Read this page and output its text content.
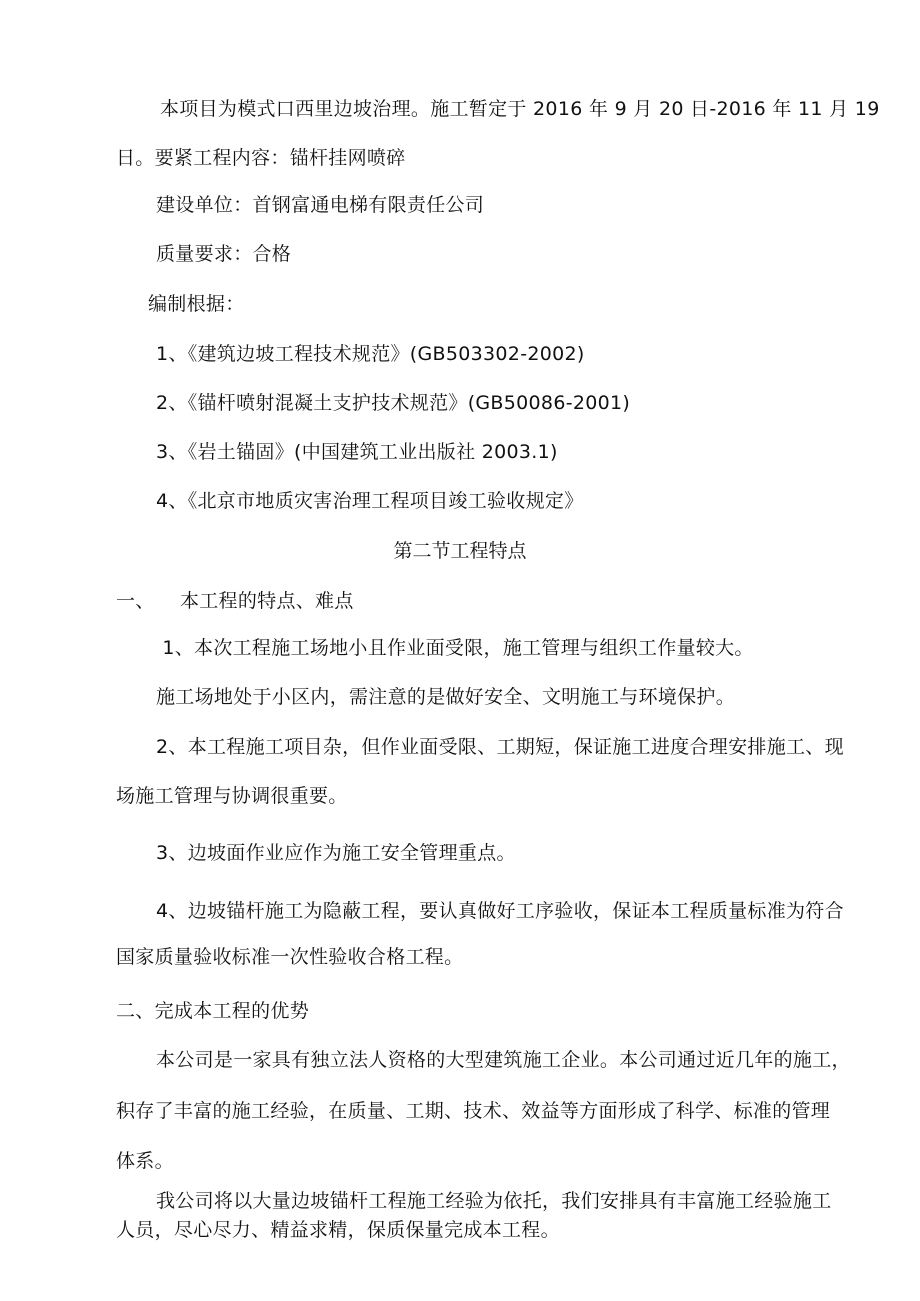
本项目为模式口西里边坡治理。施工暂定于 2016 年 9 月 20 日-2016 年 11 月 19
日。要紧工程内容：锚杆挂网喷碎
建设单位：首钢富通电梯有限责任公司
质量要求：合格
编制根据：
1、《建筑边坡工程技术规范》(GB503302-2002)
2、《锚杆喷射混凝土支护技术规范》(GB50086-2001)
3、《岩土锚固》(中国建筑工业出版社 2003.1)
4、《北京市地质灾害治理工程项目竣工验收规定》
第二节工程特点
一、    本工程的特点、难点
1、本次工程施工场地小且作业面受限，施工管理与组织工作量较大。
施工场地处于小区内，需注意的是做好安全、文明施工与环境保护。
2、本工程施工项目杂，但作业面受限、工期短，保证施工进度合理安排施工、现
场施工管理与协调很重要。
3、边坡面作业应作为施工安全管理重点。
4、边坡锚杆施工为隐蔽工程，要认真做好工序验收，保证本工程质量标准为符合
国家质量验收标准一次性验收合格工程。
二、完成本工程的优势
本公司是一家具有独立法人资格的大型建筑施工企业。本公司通过近几年的施工，
积存了丰富的施工经验，在质量、工期、技术、效益等方面形成了科学、标准的管理
体系。
我公司将以大量边坡锚杆工程施工经验为依托，我们安排具有丰富施工经验施工
人员，尽心尽力、精益求精，保质保量完成本工程。
